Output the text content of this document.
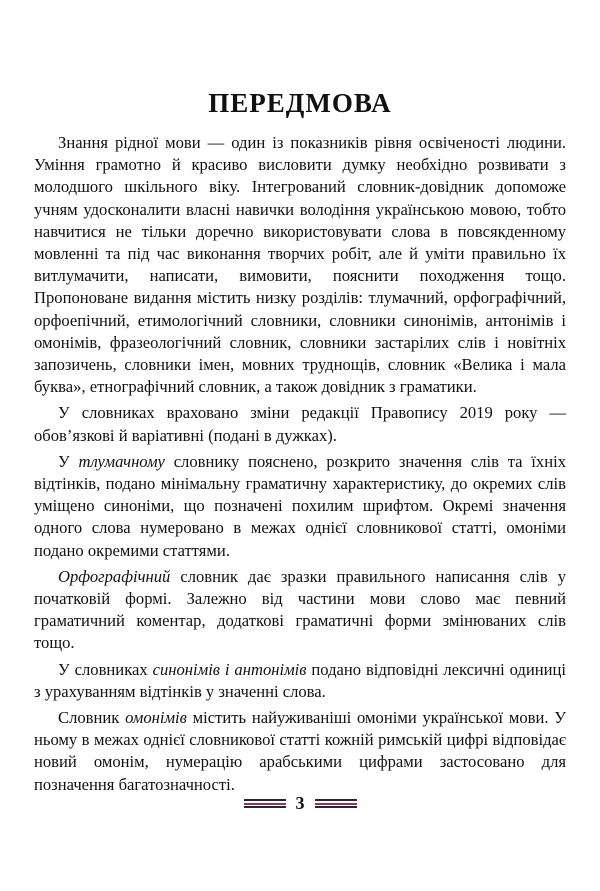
ПЕРЕДМОВА

Знання рідної мови — один із показників рівня освіченості людини. Уміння грамотно й красиво висловити думку необхідно розвивати з молодшого шкільного віку. Інтегрований словник-довідник допоможе учням удосконалити власні навички володіння українською мовою, тобто навчитися не тільки доречно використовувати слова в повсякденному мовленні та під час виконання творчих робіт, але й уміти правильно їх витлумачити, написати, вимовити, пояснити походження тощо. Пропоноване видання містить низку розділів: тлумачний, орфографічний, орфоепічний, етимологічний словники, словники синонімів, антонімів і омонімів, фразеологічний словник, словники застарілих слів і новітніх запозичень, словники імен, мовних труднощів, словник «Велика і мала буква», етнографічний словник, а також довідник з граматики.

У словниках враховано зміни редакції Правопису 2019 року — обов’язкові й варіативні (подані в дужках).

У тлумачному словнику пояснено, розкрито значення слів та їхніх відтінків, подано мінімальну граматичну характеристику, до окремих слів уміщено синоніми, що позначені похилим шрифтом. Окремі значення одного слова нумеровано в межах однієї словникової статті, омоніми подано окремими статтями.

Орфографічний словник дає зразки правильного написання слів у початковій формі. Залежно від частини мови слово має певний граматичний коментар, додаткові граматичні форми змінюваних слів тощо.

У словниках синонімів і антонімів подано відповідні лексичні одиниці з урахуванням відтінків у значенні слова.

Словник омонімів містить найуживаніші омоніми української мови. У ньому в межах однієї словникової статті кожній римській цифрі відповідає новий омонім, нумерацію арабськими цифрами застосовано для позначення багатозначності.

3
